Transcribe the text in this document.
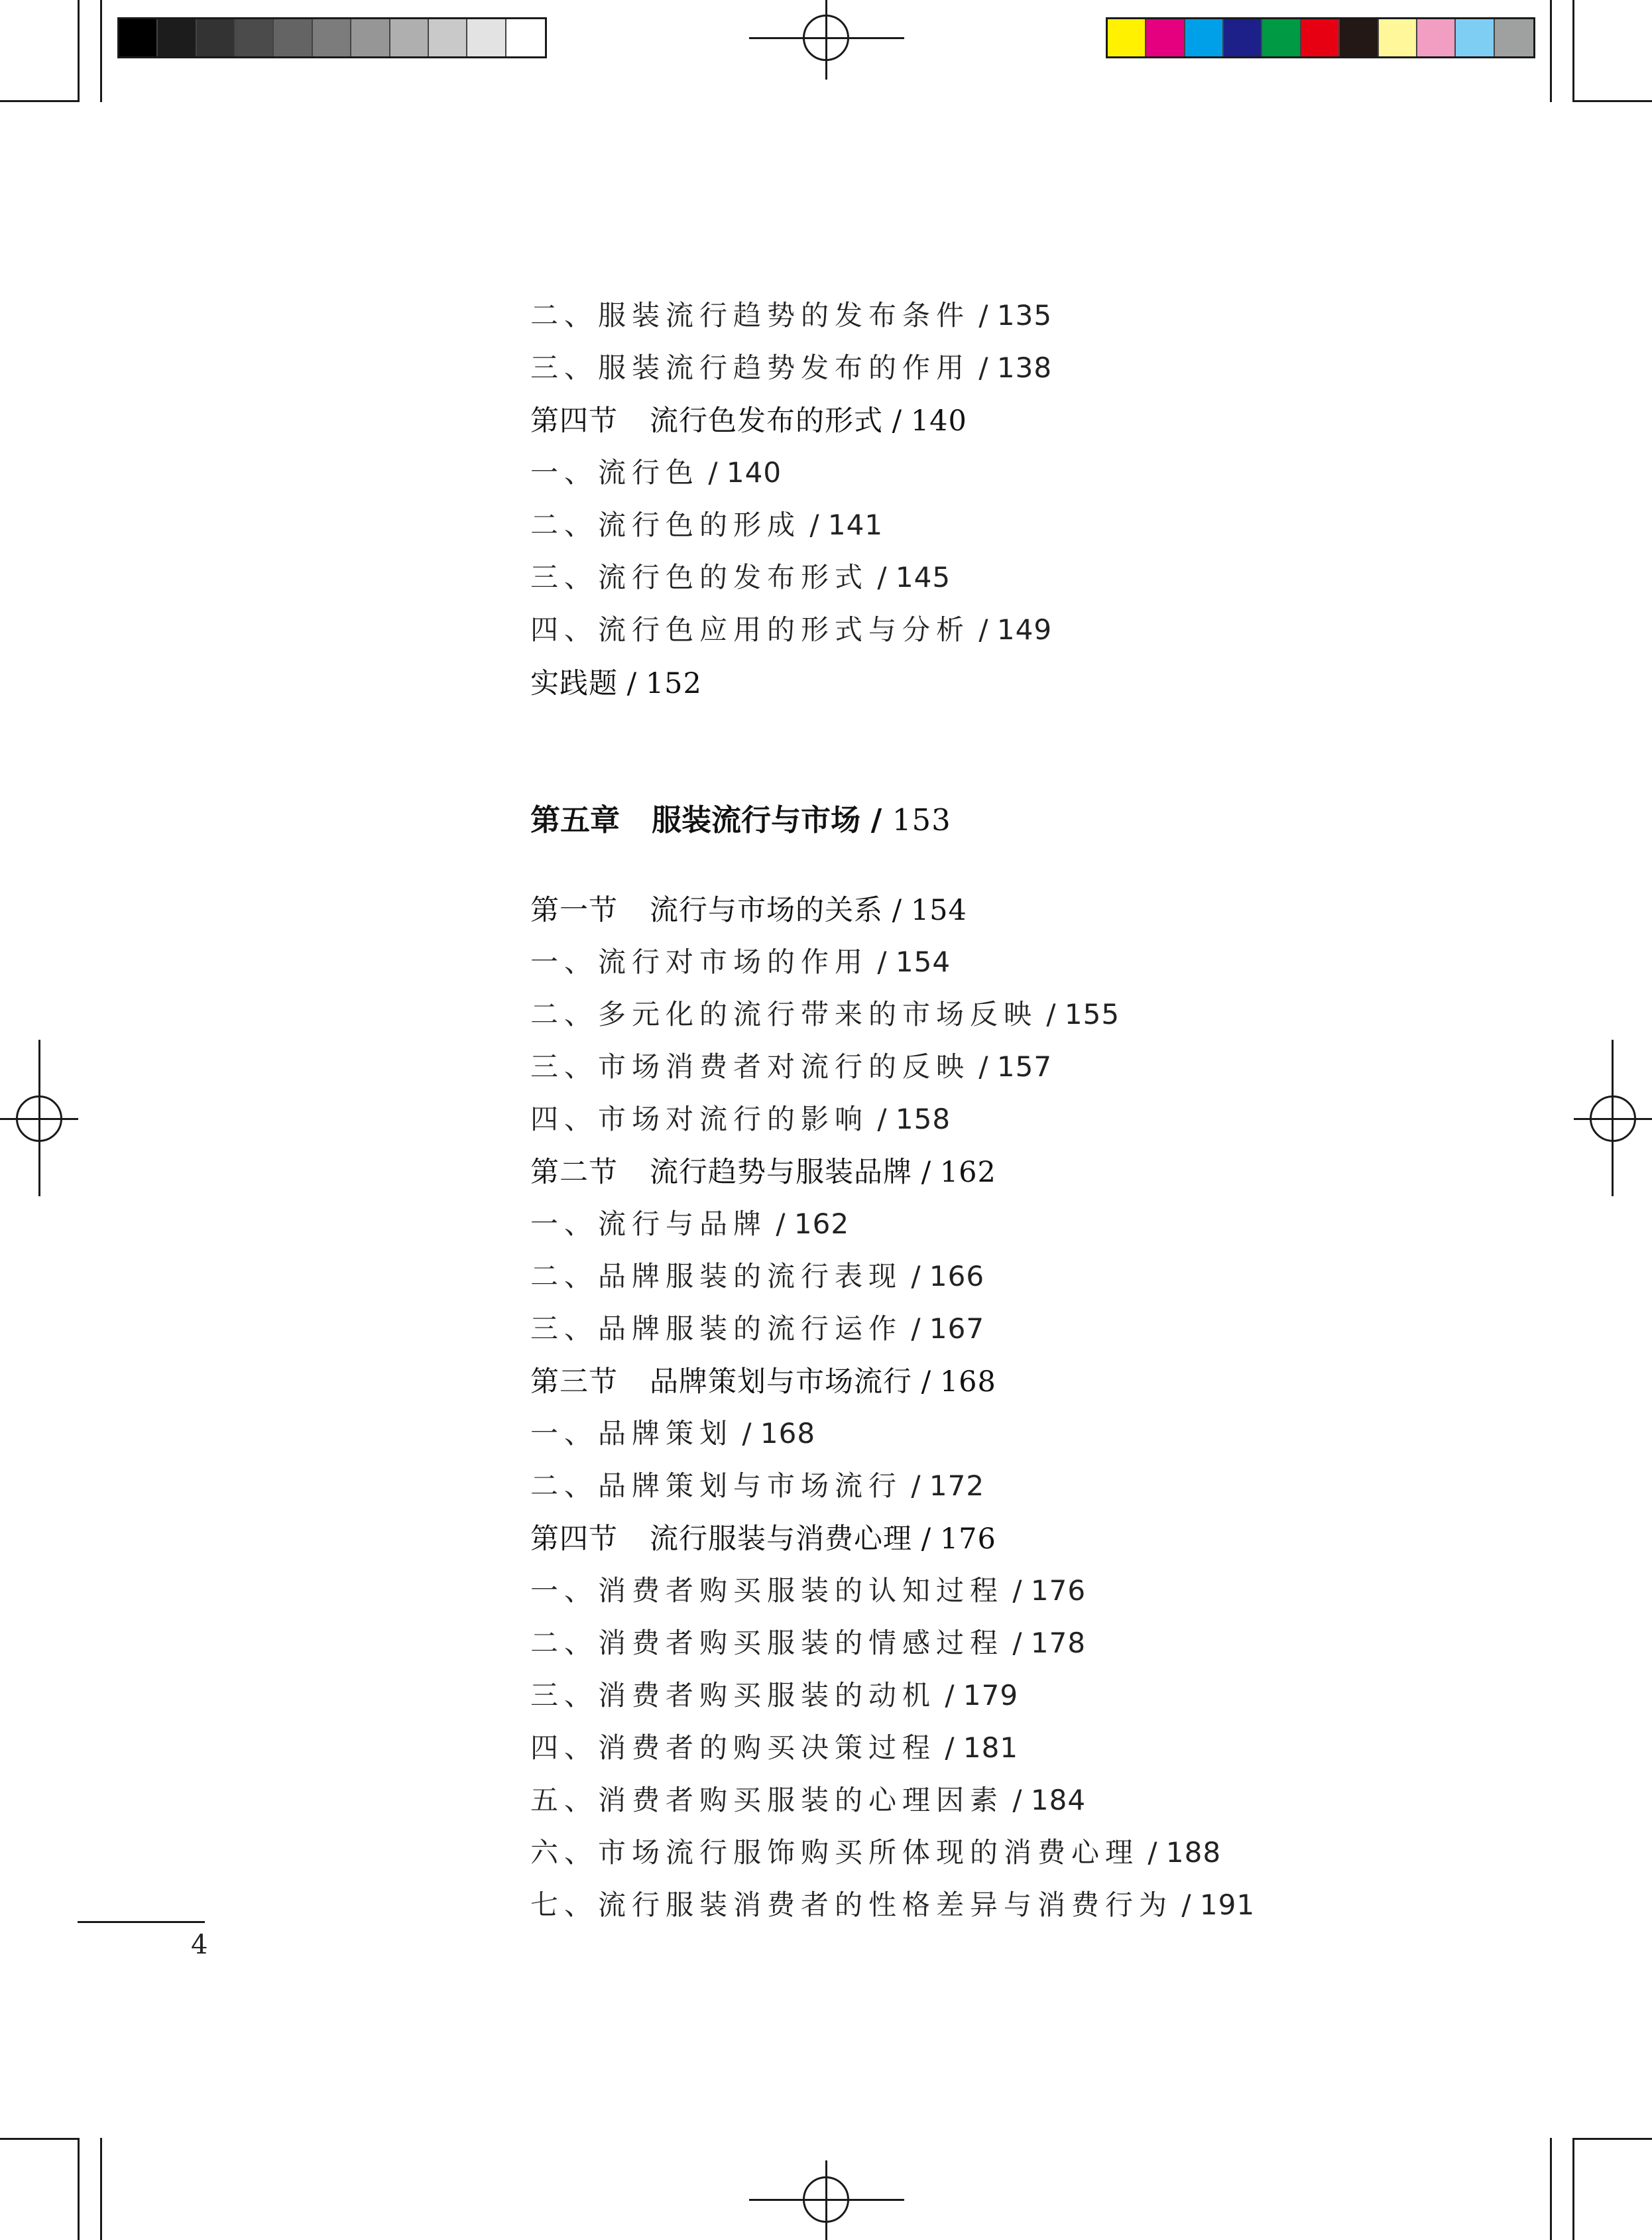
二、服装流行趋势的发布条件 / 135
三、服装流行趋势发布的作用 / 138
第四节 流行色发布的形式 / 140
一、流行色 / 140
二、流行色的形成 / 141
三、流行色的发布形式 / 145
四、流行色应用的形式与分析 / 149
实践题 / 152
第五章 服装流行与市场 / 153
第一节 流行与市场的关系 / 154
一、流行对市场的作用 / 154
二、多元化的流行带来的市场反映 / 155
三、市场消费者对流行的反映 / 157
四、市场对流行的影响 / 158
第二节 流行趋势与服装品牌 / 162
一、流行与品牌 / 162
二、品牌服装的流行表现 / 166
三、品牌服装的流行运作 / 167
第三节 品牌策划与市场流行 / 168
一、品牌策划 / 168
二、品牌策划与市场流行 / 172
第四节 流行服装与消费心理 / 176
一、消费者购买服装的认知过程 / 176
二、消费者购买服装的情感过程 / 178
三、消费者购买服装的动机 / 179
四、消费者的购买决策过程 / 181
五、消费者购买服装的心理因素 / 184
六、市场流行服饰购买所体现的消费心理 / 188
七、流行服装消费者的性格差异与消费行为 / 191
4
